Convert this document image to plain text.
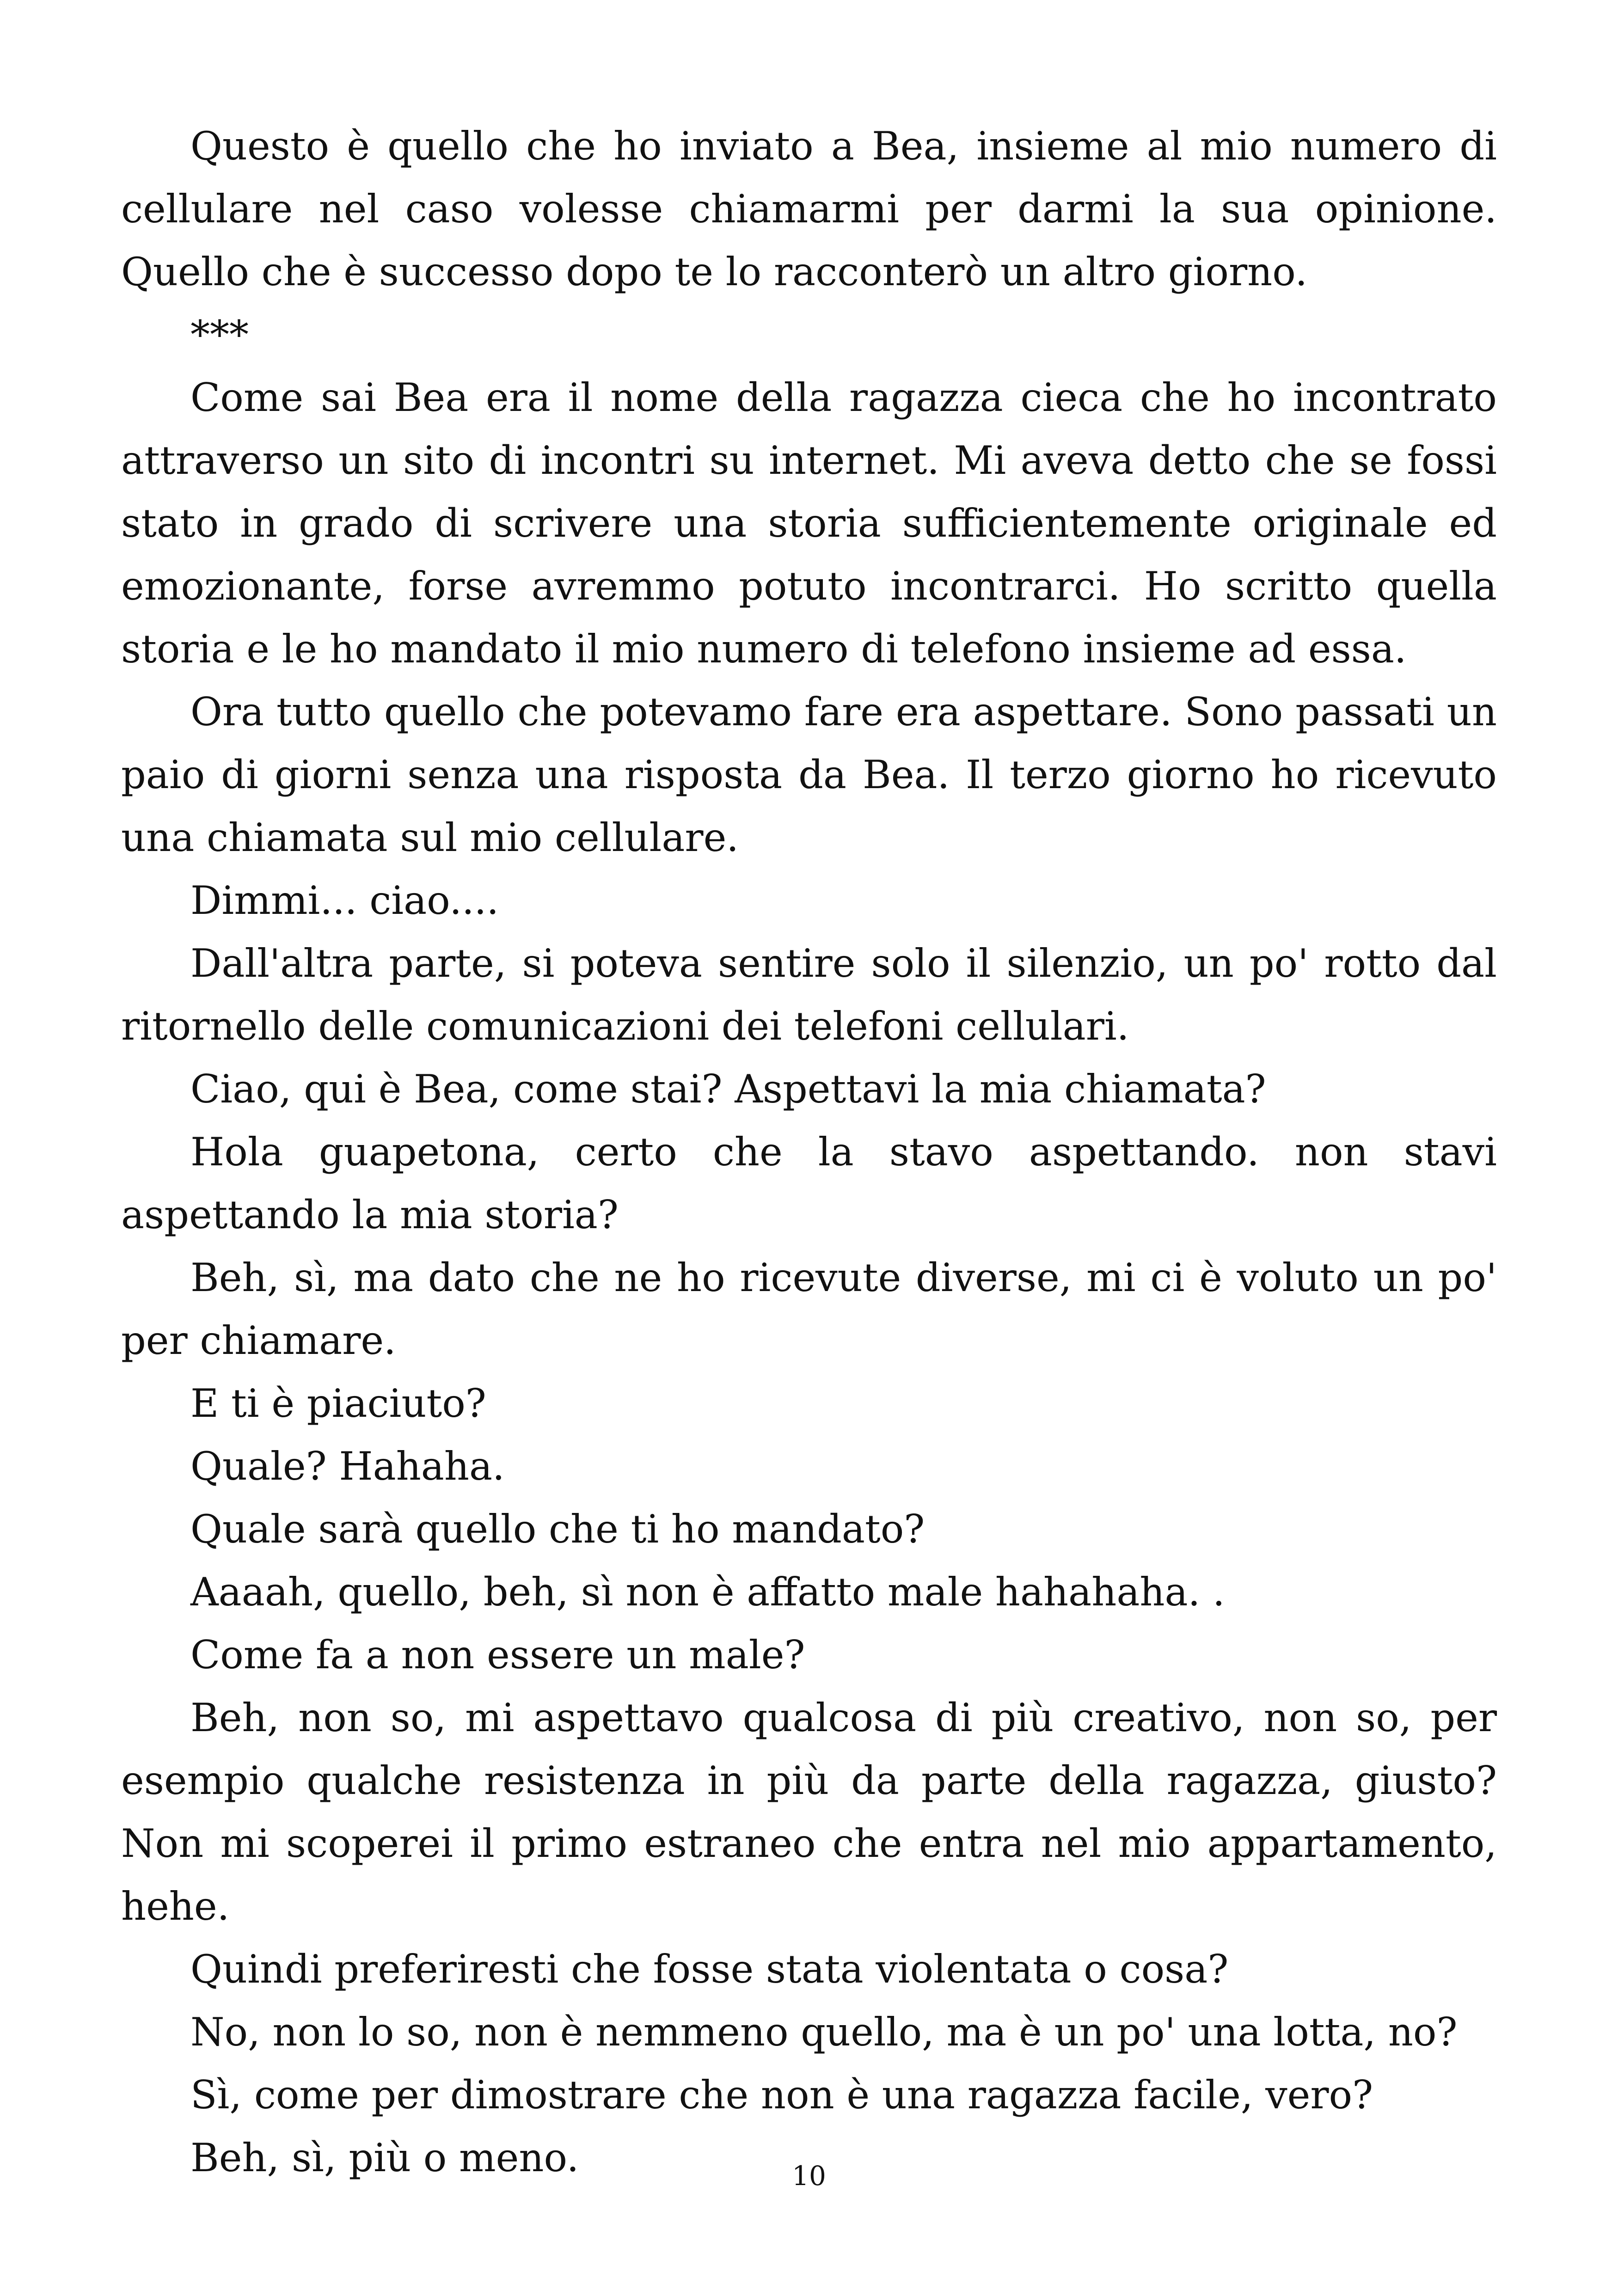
Questo è quello che ho inviato a Bea, insieme al mio numero di cellulare nel caso volesse chiamarmi per darmi la sua opinione. Quello che è successo dopo te lo racconterò un altro giorno.

***

Come sai Bea era il nome della ragazza cieca che ho incontrato attraverso un sito di incontri su internet. Mi aveva detto che se fossi stato in grado di scrivere una storia sufficientemente originale ed emozionante, forse avremmo potuto incontrarci. Ho scritto quella storia e le ho mandato il mio numero di telefono insieme ad essa.

Ora tutto quello che potevamo fare era aspettare. Sono passati un paio di giorni senza una risposta da Bea. Il terzo giorno ho ricevuto una chiamata sul mio cellulare.

Dimmi... ciao....

Dall'altra parte, si poteva sentire solo il silenzio, un po' rotto dal ritornello delle comunicazioni dei telefoni cellulari.

Ciao, qui è Bea, come stai? Aspettavi la mia chiamata?

Hola guapetona, certo che la stavo aspettando. non stavi aspettando la mia storia?

Beh, sì, ma dato che ne ho ricevute diverse, mi ci è voluto un po' per chiamare.

E ti è piaciuto?

Quale? Hahaha.

Quale sarà quello che ti ho mandato?

Aaaah, quello, beh, sì non è affatto male hahahaha. .

Come fa a non essere un male?

Beh, non so, mi aspettavo qualcosa di più creativo, non so, per esempio qualche resistenza in più da parte della ragazza, giusto? Non mi scoperei il primo estraneo che entra nel mio appartamento, hehe.

Quindi preferiresti che fosse stata violentata o cosa?

No, non lo so, non è nemmeno quello, ma è un po' una lotta, no?

Sì, come per dimostrare che non è una ragazza facile, vero?

Beh, sì, più o meno.	10
